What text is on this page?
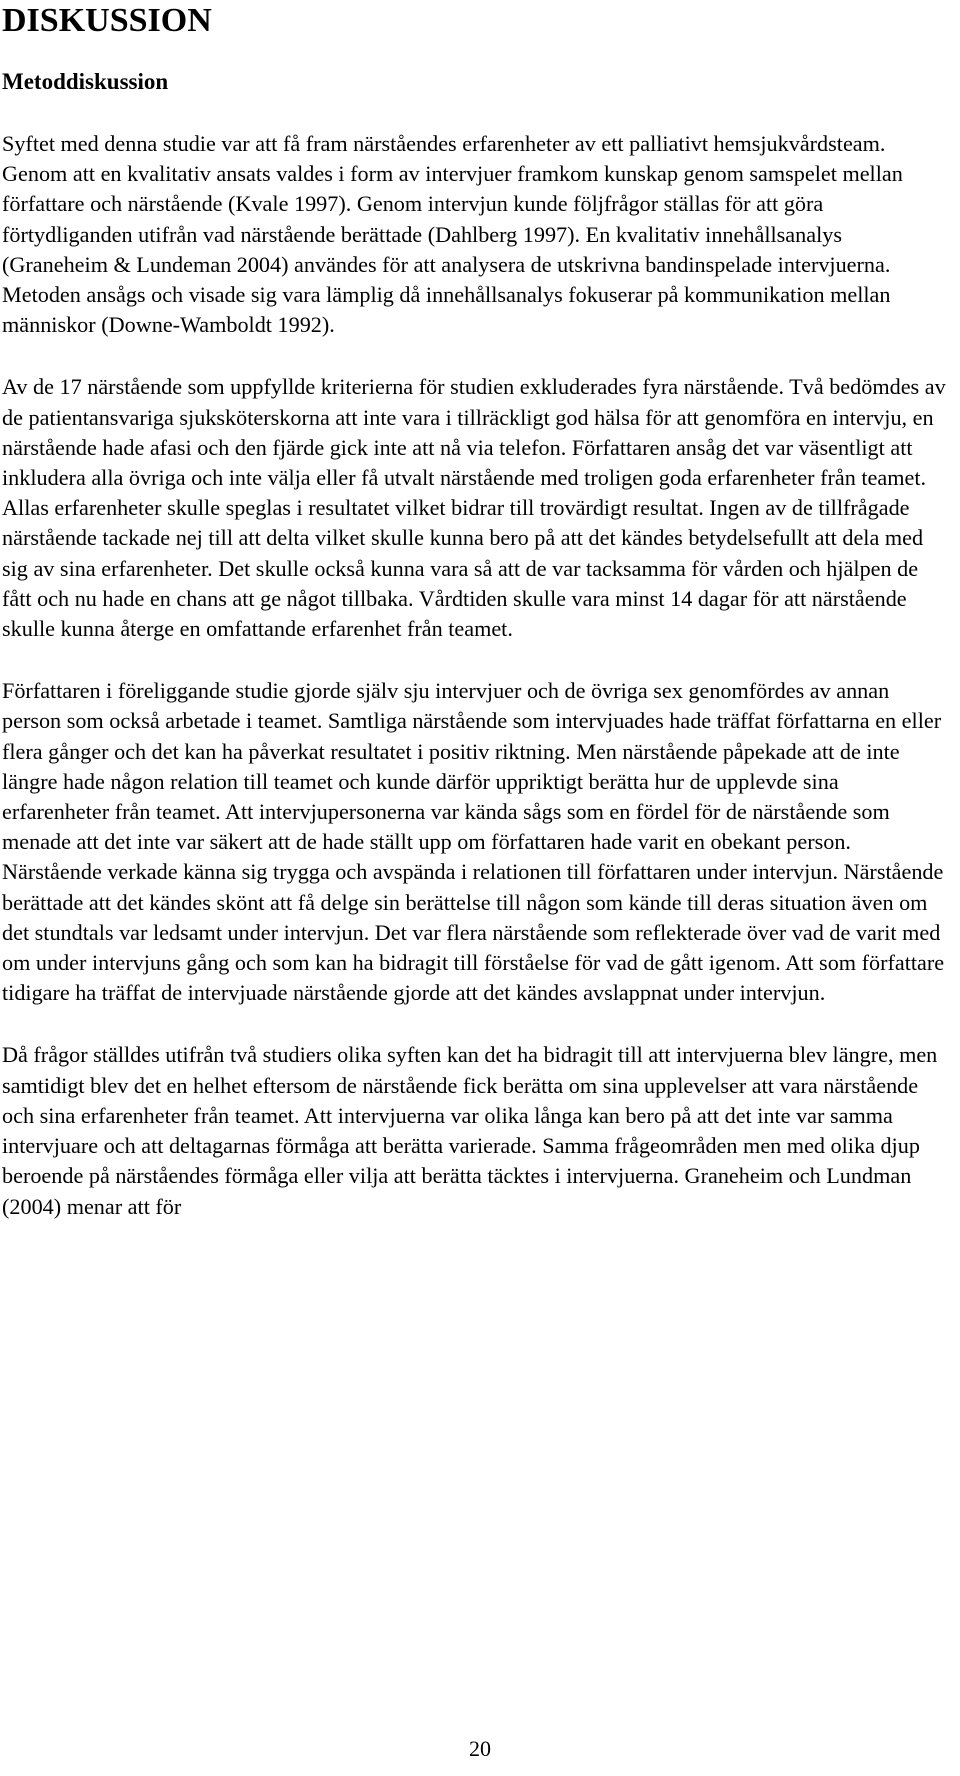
DISKUSSION
Metoddiskussion

Syftet med denna studie var att få fram närståendes erfarenheter av ett palliativt hemsjukvårdsteam. Genom att en kvalitativ ansats valdes i form av intervjuer framkom kunskap genom samspelet mellan författare och närstående (Kvale 1997). Genom intervjun kunde följfrågor ställas för att göra förtydliganden utifrån vad närstående berättade (Dahlberg 1997). En kvalitativ innehållsanalys (Graneheim & Lundeman 2004) användes för att analysera de utskrivna bandinspelade intervjuerna. Metoden ansågs och visade sig vara lämplig då innehållsanalys fokuserar på kommunikation mellan människor (Downe-Wamboldt 1992).

Av de 17 närstående som uppfyllde kriterierna för studien exkluderades fyra närstående. Två bedömdes av de patientansvariga sjuksköterskorna att inte vara i tillräckligt god hälsa för att genomföra en intervju, en närstående hade afasi och den fjärde gick inte att nå via telefon. Författaren ansåg det var väsentligt att inkludera alla övriga och inte välja eller få utvalt närstående med troligen goda erfarenheter från teamet. Allas erfarenheter skulle speglas i resultatet vilket bidrar till trovärdigt resultat. Ingen av de tillfrågade närstående tackade nej till att delta vilket skulle kunna bero på att det kändes betydelsefullt att dela med sig av sina erfarenheter. Det skulle också kunna vara så att de var tacksamma för vården och hjälpen de fått och nu hade en chans att ge något tillbaka. Vårdtiden skulle vara minst 14 dagar för att närstående skulle kunna återge en omfattande erfarenhet från teamet.

Författaren i föreliggande studie gjorde själv sju intervjuer och de övriga sex genomfördes av annan person som också arbetade i teamet. Samtliga närstående som intervjuades hade träffat författarna en eller flera gånger och det kan ha påverkat resultatet i positiv riktning. Men närstående påpekade att de inte längre hade någon relation till teamet och kunde därför uppriktigt berätta hur de upplevde sina erfarenheter från teamet. Att intervjupersonerna var kända sågs som en fördel för de närstående som menade att det inte var säkert att de hade ställt upp om författaren hade varit en obekant person. Närstående verkade känna sig trygga och avspända i relationen till författaren under intervjun. Närstående berättade att det kändes skönt att få delge sin berättelse till någon som kände till deras situation även om det stundtals var ledsamt under intervjun. Det var flera närstående som reflekterade över vad de varit med om under intervjuns gång och som kan ha bidragit till förståelse för vad de gått igenom. Att som författare tidigare ha träffat de intervjuade närstående gjorde att det kändes avslappnat under intervjun.

Då frågor ställdes utifrån två studiers olika syften kan det ha bidragit till att intervjuerna blev längre, men samtidigt blev det en helhet eftersom de närstående fick berätta om sina upplevelser att vara närstående och sina erfarenheter från teamet. Att intervjuerna var olika långa kan bero på att det inte var samma intervjuare och att deltagarnas förmåga att berätta varierade. Samma frågeområden men med olika djup beroende på närståendes förmåga eller vilja att berätta täcktes i intervjuerna. Graneheim och Lundman (2004) menar att för

20
